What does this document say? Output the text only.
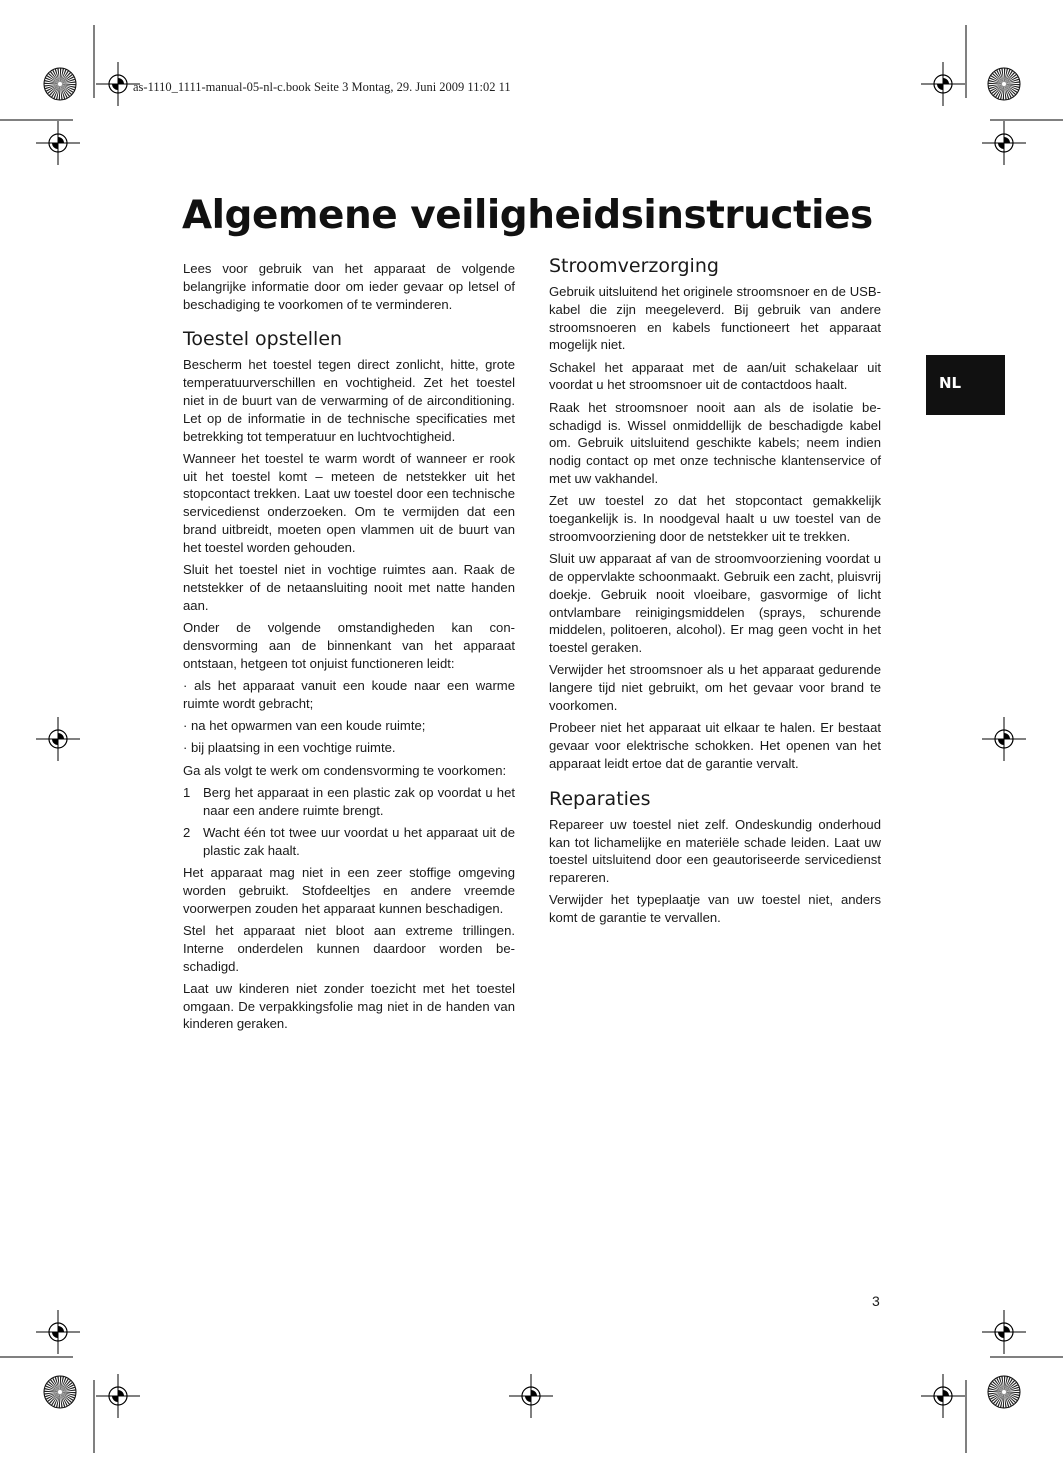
as-1110_1111-manual-05-nl-c.book Seite 3 Montag, 29. Juni 2009 11:02 11
Algemene veiligheidsinstructies

Lees voor gebruik van het apparaat de volgende belangrijke informatie door om ieder gevaar op letsel of beschadiging te voorkomen of te verminderen.

Toestel opstellen

Bescherm het toestel tegen direct zonlicht, hitte, grote temperatuurverschillen en vochtigheid. Zet het toestel niet in de buurt van de verwarming of de airconditioning. Let op de informatie in de technische specificaties met betrekking tot temperatuur en luchtvochtigheid.

Wanneer het toestel te warm wordt of wanneer er rook uit het toestel komt – meteen de netstekker uit het stopcontact trekken. Laat uw toestel door een technische servicedienst onderzoeken. Om te vermijden dat een brand uitbreidt, moeten open vlammen uit de buurt van het toestel worden gehouden.

Sluit het toestel niet in vochtige ruimtes aan. Raak de netstekker of de netaansluiting nooit met natte handen aan.

Onder de volgende omstandigheden kan condensvorming aan de binnenkant van het apparaat ontstaan, hetgeen tot onjuist functioneren leidt:

· als het apparaat vanuit een koude naar een warme ruimte wordt gebracht;

· na het opwarmen van een koude ruimte;

· bij plaatsing in een vochtige ruimte.

Ga als volgt te werk om condensvorming te voorkomen:

1 Berg het apparaat in een plastic zak op voordat u het naar een andere ruimte brengt.
2 Wacht één tot twee uur voordat u het apparaat uit de plastic zak haalt.

Het apparaat mag niet in een zeer stoffige omgeving worden gebruikt. Stofdeeltjes en andere vreemde voorwerpen zouden het apparaat kunnen beschadigen.

Stel het apparaat niet bloot aan extreme trillingen. Interne onderdelen kunnen daardoor worden beschadigd.

Laat uw kinderen niet zonder toezicht met het toestel omgaan. De verpakkingsfolie mag niet in de handen van kinderen geraken.

Stroomverzorging

Gebruik uitsluitend het originele stroomsnoer en de USB-kabel die zijn meegeleverd. Bij gebruik van andere stroomsnoeren en kabels functioneert het apparaat mogelijk niet.

Schakel het apparaat met de aan/uit schakelaar uit voordat u het stroomsnoer uit de contactdoos haalt.

Raak het stroomsnoer nooit aan als de isolatie beschadigd is. Wissel onmiddellijk de beschadigde kabel om. Gebruik uitsluitend geschikte kabels; neem indien nodig contact op met onze technische klantenservice of met uw vakhandel.

Zet uw toestel zo dat het stopcontact gemakkelijk toegankelijk is. In noodgeval haalt u uw toestel van de stroomvoorziening door de netstekker uit te trekken.

Sluit uw apparaat af van de stroomvoorziening voordat u de oppervlakte schoonmaakt. Gebruik een zacht, pluisvrij doekje. Gebruik nooit vloeibare, gasvormige of licht ontvlambare reinigingsmiddelen (sprays, schurende middelen, politoeren, alcohol). Er mag geen vocht in het toestel geraken.

Verwijder het stroomsnoer als u het apparaat gedurende langere tijd niet gebruikt, om het gevaar voor brand te voorkomen.

Probeer niet het apparaat uit elkaar te halen. Er bestaat gevaar voor elektrische schokken. Het openen van het apparaat leidt ertoe dat de garantie vervalt.

Reparaties

Repareer uw toestel niet zelf. Ondeskundig onderhoud kan tot lichamelijke en materiële schade leiden. Laat uw toestel uitsluitend door een geautoriseerde servicedienst repareren.

Verwijder het typeplaatje van uw toestel niet, anders komt de garantie te vervallen.

NL
3
